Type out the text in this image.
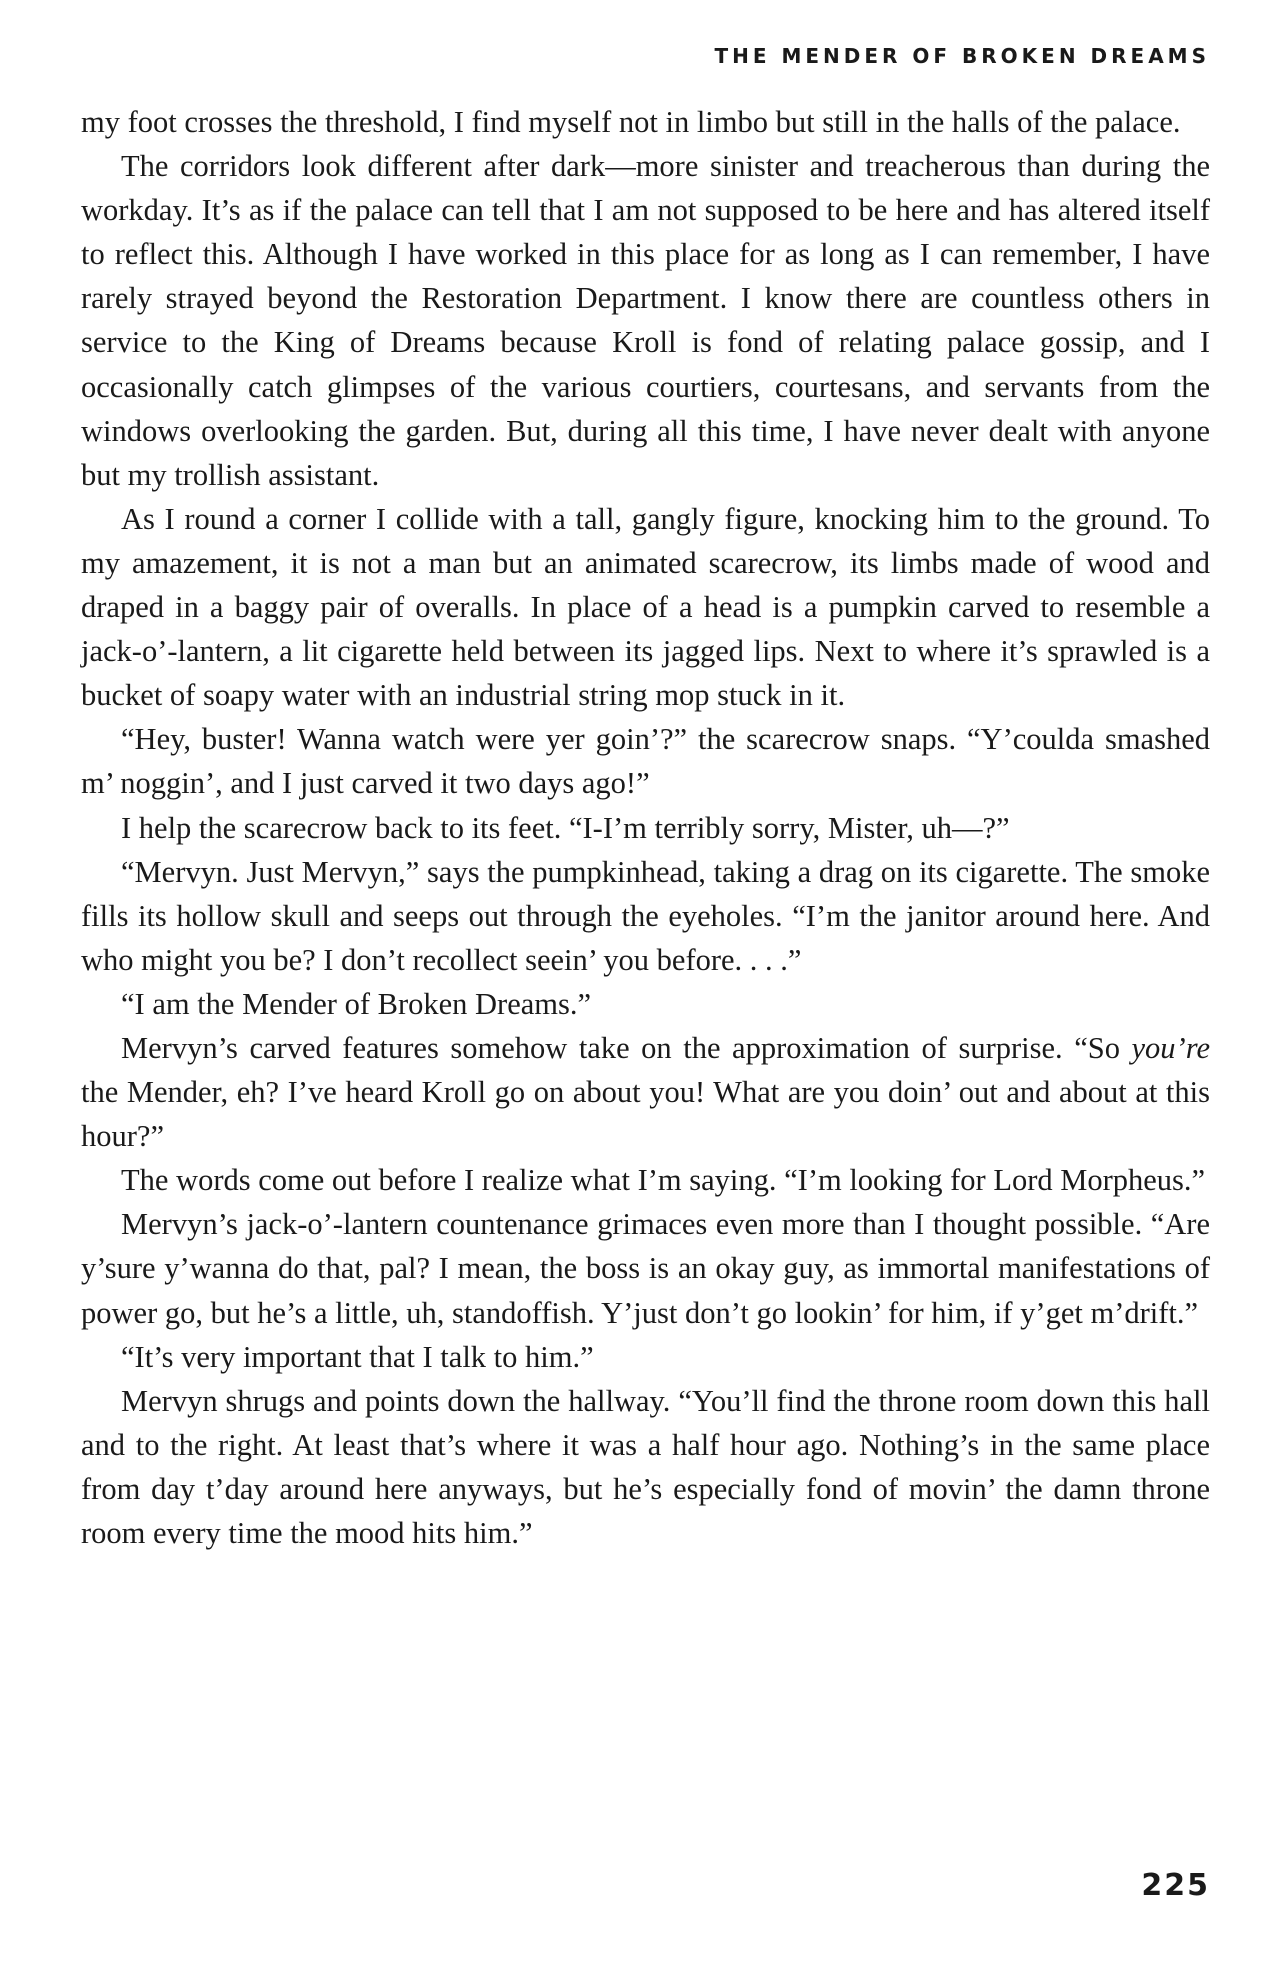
THE MENDER OF BROKEN DREAMS

my foot crosses the threshold, I find myself not in limbo but still in the halls of the palace.

The corridors look different after dark—more sinister and treacherous than during the workday. It’s as if the palace can tell that I am not supposed to be here and has altered itself to reflect this. Although I have worked in this place for as long as I can remember, I have rarely strayed beyond the Restoration Department. I know there are countless others in service to the King of Dreams because Kroll is fond of relating palace gossip, and I occasionally catch glimpses of the various courtiers, courtesans, and servants from the windows overlooking the garden. But, during all this time, I have never dealt with anyone but my trollish assistant.

As I round a corner I collide with a tall, gangly figure, knocking him to the ground. To my amazement, it is not a man but an animated scarecrow, its limbs made of wood and draped in a baggy pair of overalls. In place of a head is a pumpkin carved to resemble a jack-o’-lantern, a lit cigarette held between its jagged lips. Next to where it’s sprawled is a bucket of soapy water with an industrial string mop stuck in it.

“Hey, buster! Wanna watch were yer goin’?” the scarecrow snaps. “Y’coulda smashed m’ noggin’, and I just carved it two days ago!”

I help the scarecrow back to its feet. “I-I’m terribly sorry, Mister, uh—?”

“Mervyn. Just Mervyn,” says the pumpkinhead, taking a drag on its cigarette. The smoke fills its hollow skull and seeps out through the eyeholes. “I’m the janitor around here. And who might you be? I don’t recollect seein’ you before. . . .”

“I am the Mender of Broken Dreams.”

Mervyn’s carved features somehow take on the approximation of surprise. “So you’re the Mender, eh? I’ve heard Kroll go on about you! What are you doin’ out and about at this hour?”

The words come out before I realize what I’m saying. “I’m looking for Lord Morpheus.”

Mervyn’s jack-o’-lantern countenance grimaces even more than I thought possible. “Are y’sure y’wanna do that, pal? I mean, the boss is an okay guy, as immortal manifestations of power go, but he’s a little, uh, standoffish. Y’just don’t go lookin’ for him, if y’get m’drift.”

“It’s very important that I talk to him.”

Mervyn shrugs and points down the hallway. “You’ll find the throne room down this hall and to the right. At least that’s where it was a half hour ago. Nothing’s in the same place from day t’day around here anyways, but he’s especially fond of movin’ the damn throne room every time the mood hits him.”

225
